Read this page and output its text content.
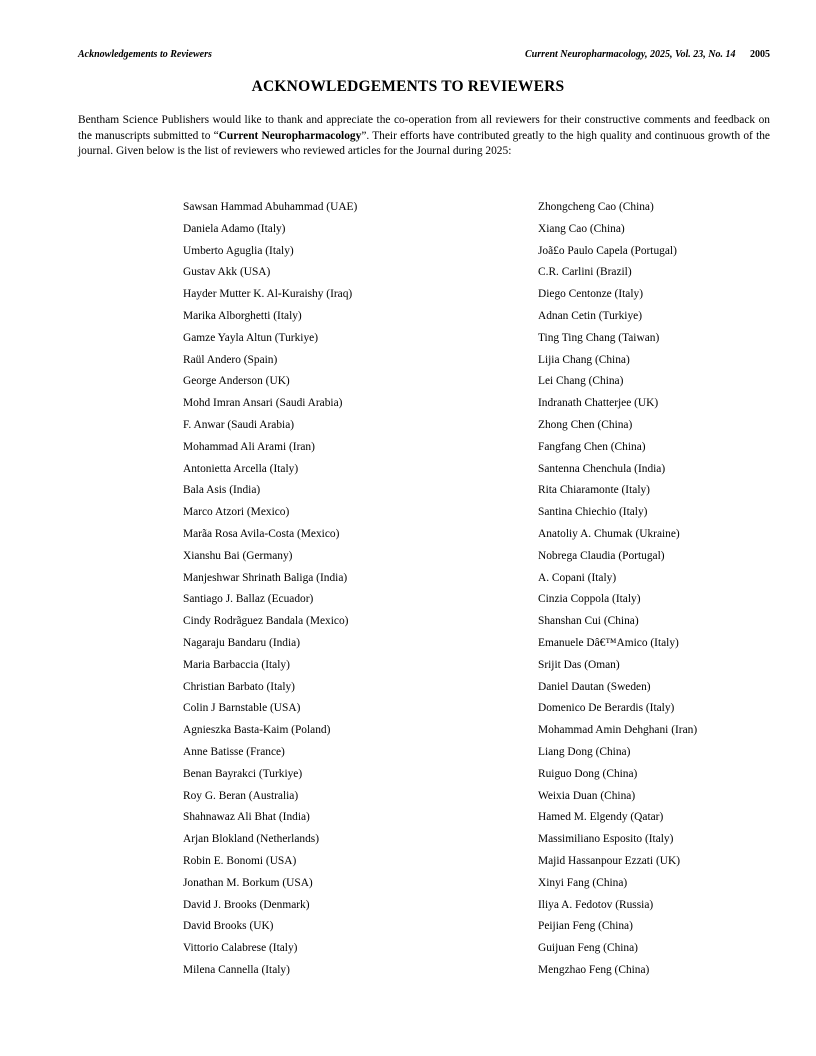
Acknowledgements to Reviewers	Current Neuropharmacology, 2025, Vol. 23, No. 14 2005
ACKNOWLEDGEMENTS TO REVIEWERS

Bentham Science Publishers would like to thank and appreciate the co-operation from all reviewers for their constructive comments and feedback on the manuscripts submitted to “Current Neuropharmacology”. Their efforts have contributed greatly to the high quality and continuous growth of the journal. Given below is the list of reviewers who reviewed articles for the Journal during 2025:

Sawsan Hammad Abuhammad (UAE)
Daniela Adamo (Italy)
Umberto Aguglia (Italy)
Gustav Akk (USA)
Hayder Mutter K. Al-Kuraishy (Iraq)
Marika Alborghetti (Italy)
Gamze Yayla Altun (Turkiye)
Raül Andero (Spain)
George Anderson (UK)
Mohd Imran Ansari (Saudi Arabia)
F. Anwar (Saudi Arabia)
Mohammad Ali Arami (Iran)
Antonietta Arcella (Italy)
Bala Asis (India)
Marco Atzori (Mexico)
Marãa Rosa Avila-Costa (Mexico)
Xianshu Bai (Germany)
Manjeshwar Shrinath Baliga (India)
Santiago J. Ballaz (Ecuador)
Cindy Rodrãguez Bandala (Mexico)
Nagaraju Bandaru (India)
Maria Barbaccia (Italy)
Christian Barbato (Italy)
Colin J Barnstable (USA)
Agnieszka Basta-Kaim (Poland)
Anne Batisse (France)
Benan Bayrakci (Turkiye)
Roy G. Beran (Australia)
Shahnawaz Ali Bhat (India)
Arjan Blokland (Netherlands)
Robin E. Bonomi (USA)
Jonathan M. Borkum (USA)
David J. Brooks (Denmark)
David Brooks (UK)
Vittorio Calabrese (Italy)
Milena Cannella (Italy)
Zhongcheng Cao (China)
Xiang Cao (China)
Joã£o Paulo Capela (Portugal)
C.R. Carlini (Brazil)
Diego Centonze (Italy)
Adnan Cetin (Turkiye)
Ting Ting Chang (Taiwan)
Lijia Chang (China)
Lei Chang (China)
Indranath Chatterjee (UK)
Zhong Chen (China)
Fangfang Chen (China)
Santenna Chenchula (India)
Rita Chiaramonte (Italy)
Santina Chiechio (Italy)
Anatoliy A. Chumak (Ukraine)
Nobrega Claudia (Portugal)
A. Copani (Italy)
Cinzia Coppola (Italy)
Shanshan Cui (China)
Emanuele Dâ€™Amico (Italy)
Srijit Das (Oman)
Daniel Dautan (Sweden)
Domenico De Berardis (Italy)
Mohammad Amin Dehghani (Iran)
Liang Dong (China)
Ruiguo Dong (China)
Weixia Duan (China)
Hamed M. Elgendy (Qatar)
Massimiliano Esposito (Italy)
Majid Hassanpour Ezzati (UK)
Xinyi Fang (China)
Iliya A. Fedotov (Russia)
Peijian Feng (China)
Guijuan Feng (China)
Mengzhao Feng (China)
